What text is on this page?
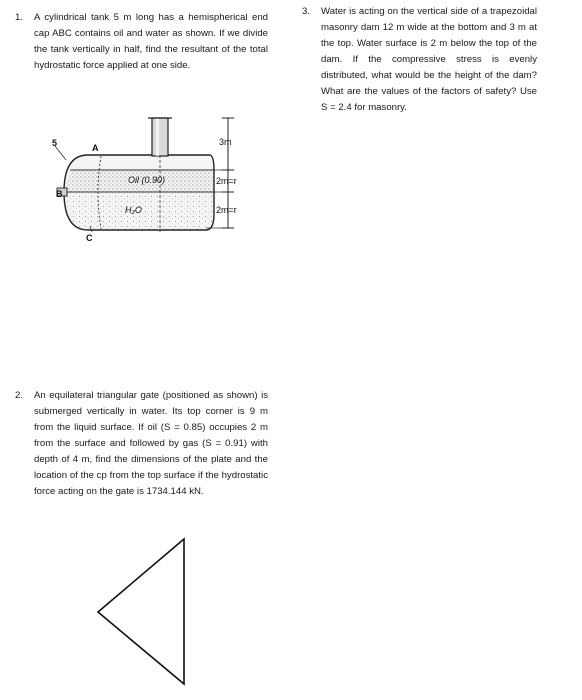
1. A cylindrical tank 5 m long has a hemispherical end cap ABC contains oil and water as shown. If we divide the tank vertically in half, find the resultant of the total hydrostatic force applied at one side.
2. An equilateral triangular gate (positioned as shown) is submerged vertically in water. Its top corner is 9 m from the liquid surface. If oil (S = 0.85) occupies 2 m from the surface and followed by gas (S = 0.91) with depth of 4 m, find the dimensions of the plate and the location of the cp from the top surface if the hydrostatic force acting on the gate is 1734.144 kN.
3. Water is acting on the vertical side of a trapezoidal masonry dam 12 m wide at the bottom and 3 m at the top. Water surface is 2 m below the top of the dam. If the compressive stress is evenly distributed, what would be the height of the dam? What are the values of the factors of safety? Use S = 2.4 for masonry.
5	A
B
C
Oil (0.90)
H₂O
3m
2m=r
2m=r
